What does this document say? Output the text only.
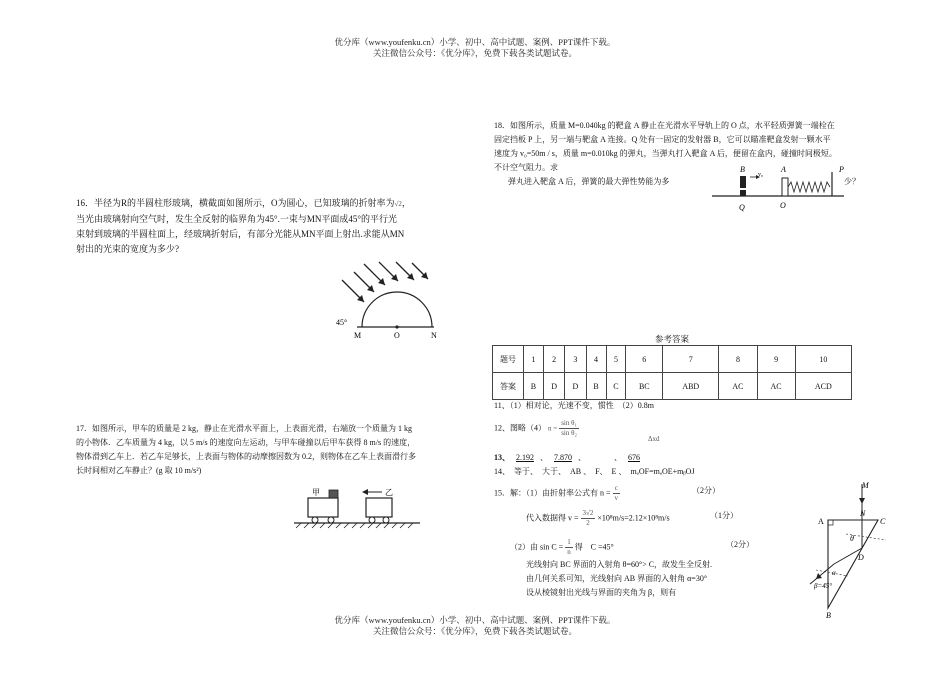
优分库（www.youfenku.cn）小学、初中、高中试题、案例、PPT课件下载。
关注微信公众号：《优分库》，免费下载各类试题试卷。
16．半径为R的半圆柱形玻璃，横截面如图所示，O为圆心，已知玻璃的折射率为√2，
当光由玻璃射向空气时，发生全反射的临界角为45°.一束与MN平面成45°的平行光
束射到玻璃的半圆柱面上，经玻璃折射后，有部分光能从MN平面上射出.求能从MN
射出的光束的宽度为多少?
45°
M	O	N
17．如图所示，甲车的质量是 2 kg，静止在光滑水平面上，上表面光滑，右端放一个质量为 1 kg
的小物体．乙车质量为 4 kg，以 5 m/s 的速度向左运动，与甲车碰撞以后甲车获得 8 m/s 的速度，
物体滑到乙车上．若乙车足够长，上表面与物体的动摩擦因数为 0.2，则物体在乙车上表面滑行多
长时间相对乙车静止？(g 取 10 m/s²)
甲	乙
18．如图所示，质量 M=0.040kg 的靶盒 A 静止在光滑水平导轨上的 O 点，水平轻质弹簧一端栓在
固定挡板 P 上，另一端与靶盒 A 连接。Q 处有一固定的发射器 B，它可以瞄准靶盒发射一颗水平
速度为 v₀=50m / s，质量 m=0.010kg 的弹丸，当弹丸打入靶盒 A 后，便留在盒内，碰撞时间极短。
不计空气阻力。求
弹丸进入靶盒 A 后，弹簧的最大弹性势能为多	少？
v₀
B	A	P
Q	O
参考答案
题号	1	2	3	4	5	6	7	8	9	10
答案	B	D	D	B	C	BC	ABD	AC	AC	ACD
11、（1）相对论，光速不变，惯性　（2）0.8m
12、图略（4） $n = \frac{\text{sin θ₁}}{\text{sin θ₂}}$
Δxd
13、 2.192 、 7.870 、	、 676
14、　等于、　大于、　AB 、　F、　E 、　mₐOF=mₐOE+mᵦOJ
15．解：（1）由折射率公式有 $n = \frac{c}{v}$	（2分）
代入数据得 $v = \frac{3√2}{2} \times 10^8m/s=2.12\times 10^8m/s$	（1分）
（2）由 $\sin C = \frac{1}{n}$ 得　C =45°	（2分）
光线射向 BC 界面的入射角 θ=60°> C，故发生全反射.
由几何关系可知，光线射向 AB 界面的入射角 α=30°
设从棱镜射出光线与界面的夹角为 β，则有
M
A
N
C
θ
D
α
β=45°
B
优分库（www.youfenku.cn）小学、初中、高中试题、案例、PPT课件下载。
关注微信公众号：《优分库》，免费下载各类试题试卷。
